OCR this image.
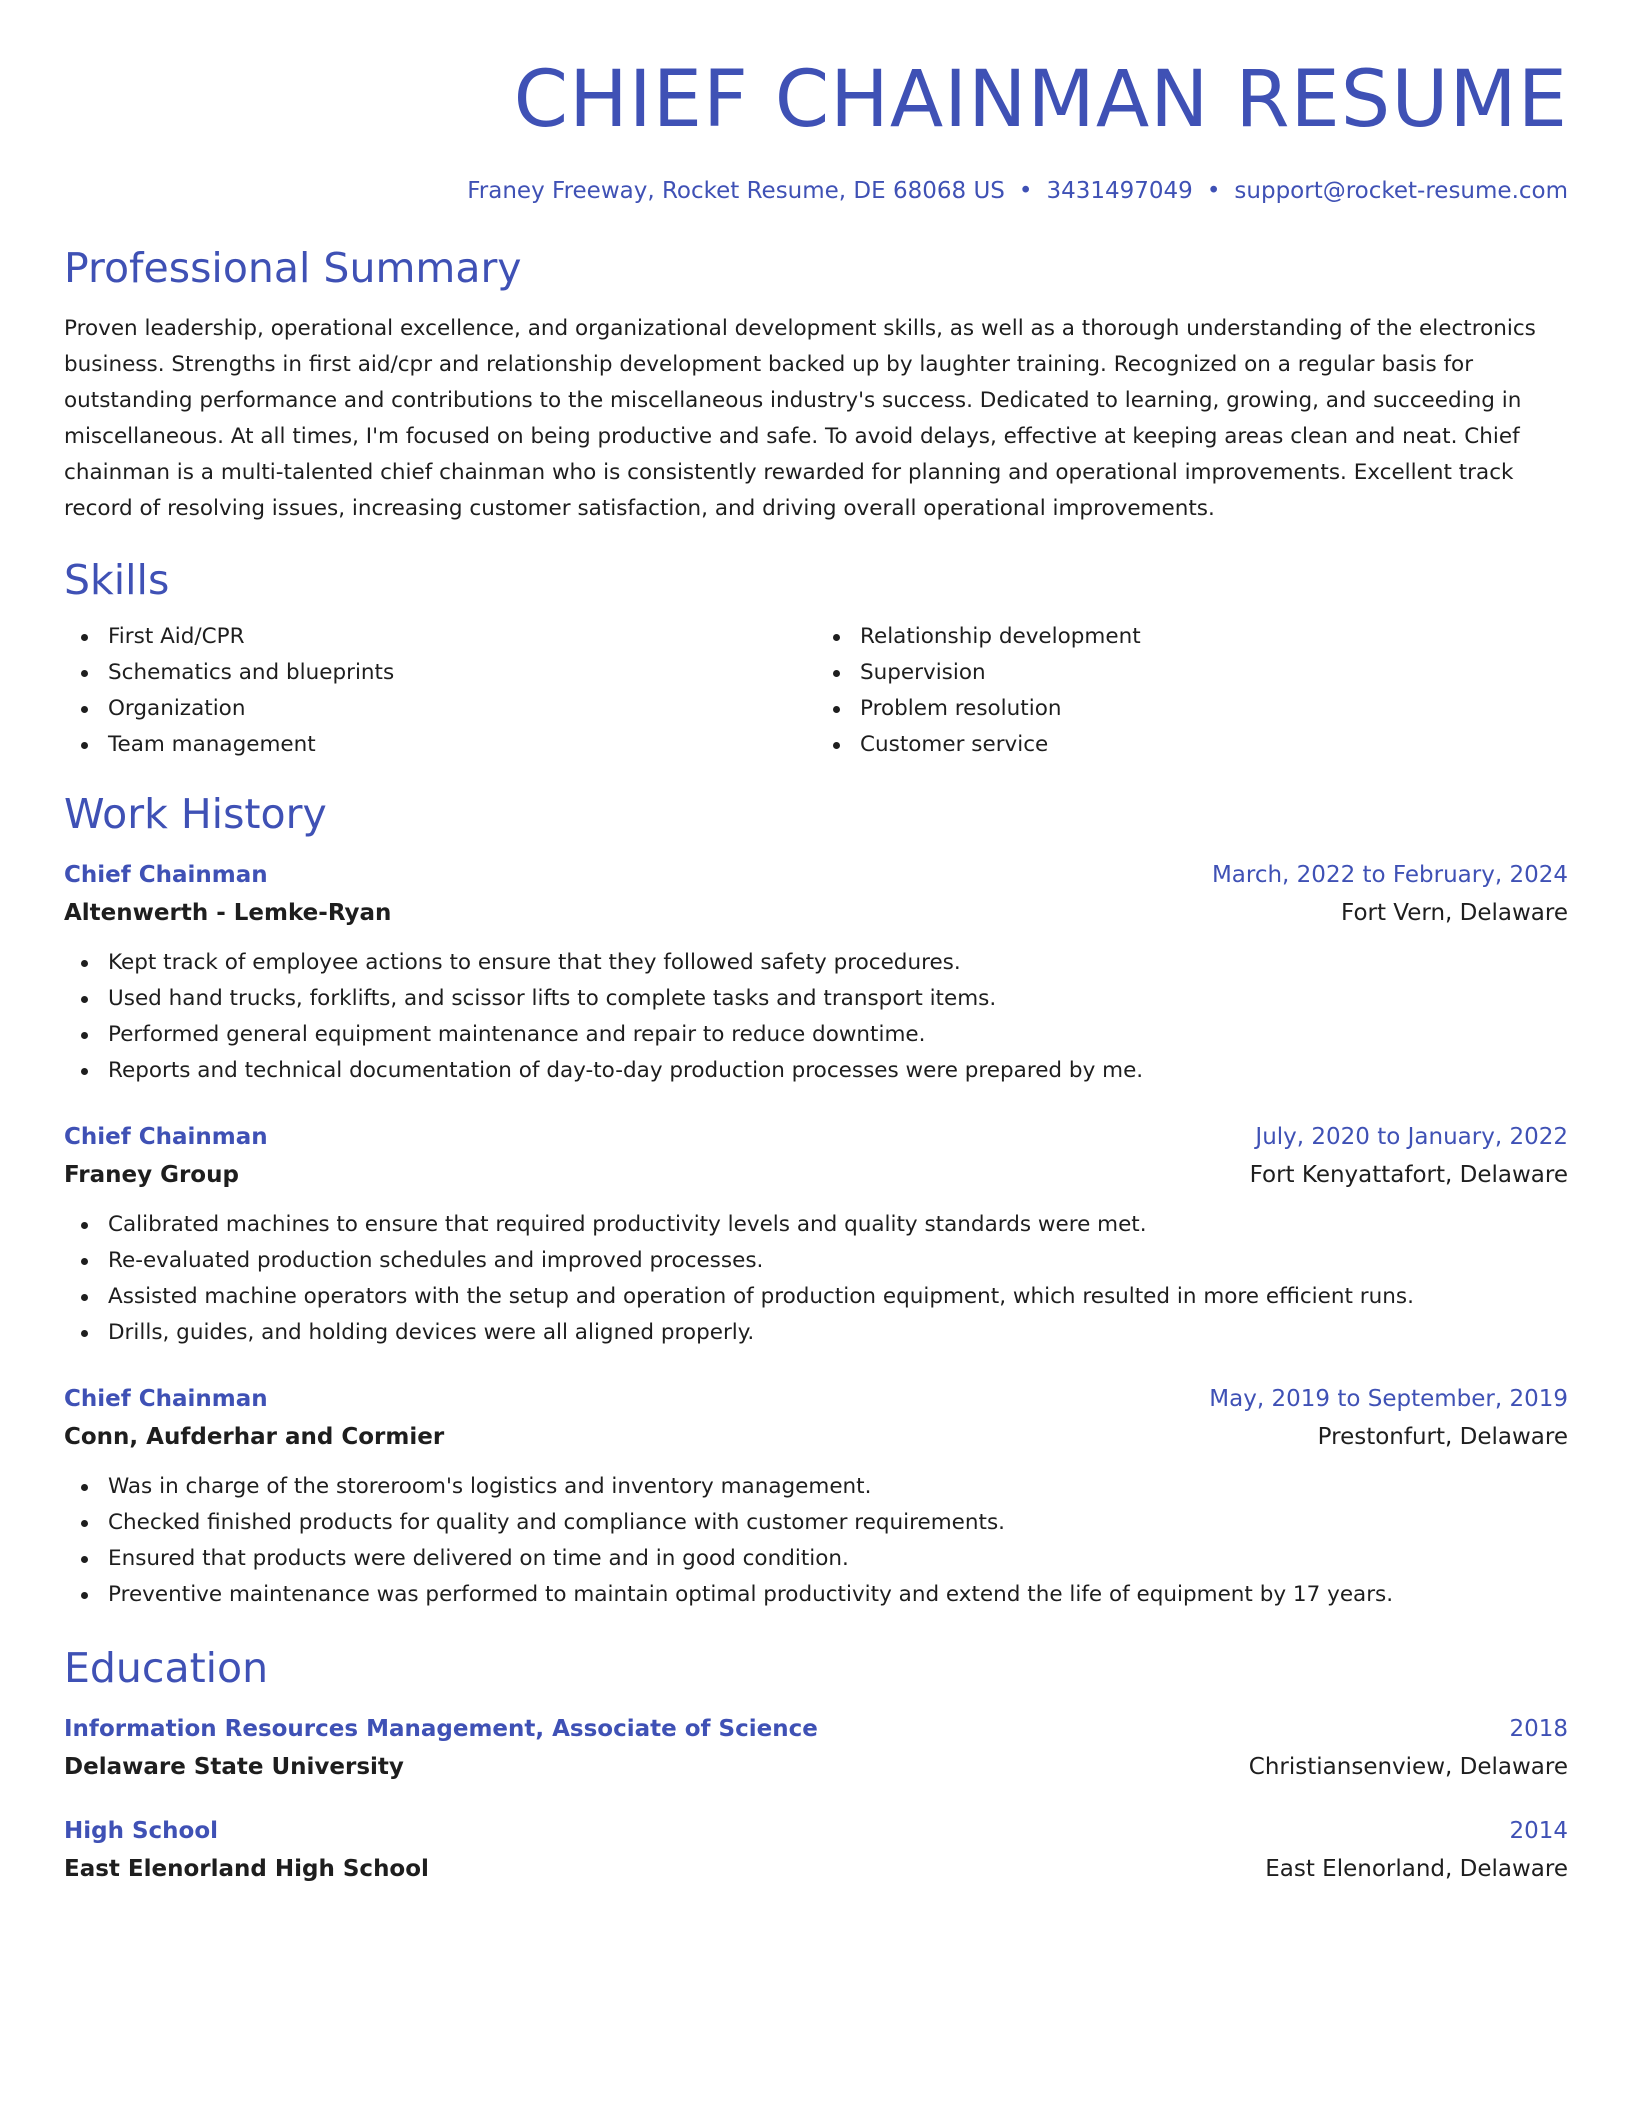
CHIEF CHAINMAN RESUME
Franey Freeway, Rocket Resume, DE 68068 US • 3431497049 • support@rocket-resume.com
Professional Summary

Proven leadership, operational excellence, and organizational development skills, as well as a thorough understanding of the electronics business. Strengths in first aid/cpr and relationship development backed up by laughter training. Recognized on a regular basis for outstanding performance and contributions to the miscellaneous industry's success. Dedicated to learning, growing, and succeeding in miscellaneous. At all times, I'm focused on being productive and safe. To avoid delays, effective at keeping areas clean and neat. Chief chainman is a multi-talented chief chainman who is consistently rewarded for planning and operational improvements. Excellent track record of resolving issues, increasing customer satisfaction, and driving overall operational improvements.

Skills
First Aid/CPR
Schematics and blueprints
Organization
Team management
Relationship development
Supervision
Problem resolution
Customer service
Work History
Chief Chainman	March, 2022 to February, 2024
Altenwerth - Lemke-Ryan	Fort Vern, Delaware
Kept track of employee actions to ensure that they followed safety procedures.
Used hand trucks, forklifts, and scissor lifts to complete tasks and transport items.
Performed general equipment maintenance and repair to reduce downtime.
Reports and technical documentation of day-to-day production processes were prepared by me.
Chief Chainman	July, 2020 to January, 2022
Franey Group	Fort Kenyattafort, Delaware
Calibrated machines to ensure that required productivity levels and quality standards were met.
Re-evaluated production schedules and improved processes.
Assisted machine operators with the setup and operation of production equipment, which resulted in more efficient runs.
Drills, guides, and holding devices were all aligned properly.
Chief Chainman	May, 2019 to September, 2019
Conn, Aufderhar and Cormier	Prestonfurt, Delaware
Was in charge of the storeroom's logistics and inventory management.
Checked finished products for quality and compliance with customer requirements.
Ensured that products were delivered on time and in good condition.
Preventive maintenance was performed to maintain optimal productivity and extend the life of equipment by 17 years.
Education
Information Resources Management, Associate of Science	2018
Delaware State University	Christiansenview, Delaware
High School	2014
East Elenorland High School	East Elenorland, Delaware
